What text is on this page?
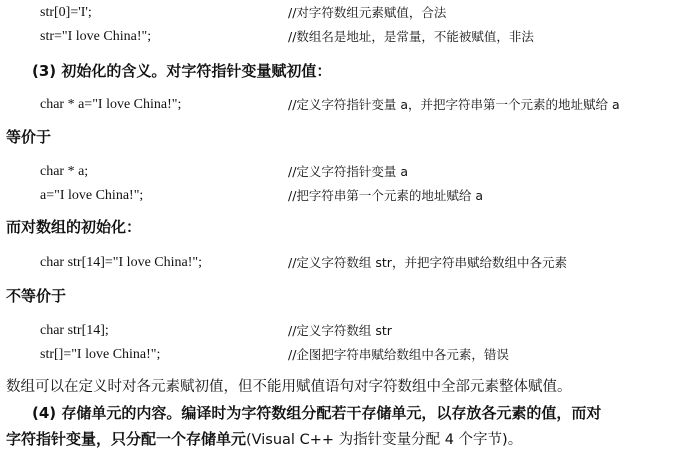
str[0]='I';	//对字符数组元素赋值，合法
str="I love China!";	//数组名是地址，是常量，不能被赋值，非法
(3) 初始化的含义。对字符指针变量赋初值：
char * a="I love China!";	//定义字符指针变量 a，并把字符串第一个元素的地址赋给 a
等价于
char * a;	//定义字符指针变量 a
a="I love China!";	//把字符串第一个元素的地址赋给 a
而对数组的初始化：
char str[14]="I love China!";	//定义字符数组 str，并把字符串赋给数组中各元素
不等价于
char str[14];	//定义字符数组 str
str[]="I love China!";	//企图把字符串赋给数组中各元素，错误
数组可以在定义时对各元素赋初值，但不能用赋值语句对字符数组中全部元素整体赋值。
(4) 存储单元的内容。编译时为字符数组分配若干存储单元，以存放各元素的值，而对
字符指针变量，只分配一个存储单元(Visual C++ 为指针变量分配 4 个字节)。
